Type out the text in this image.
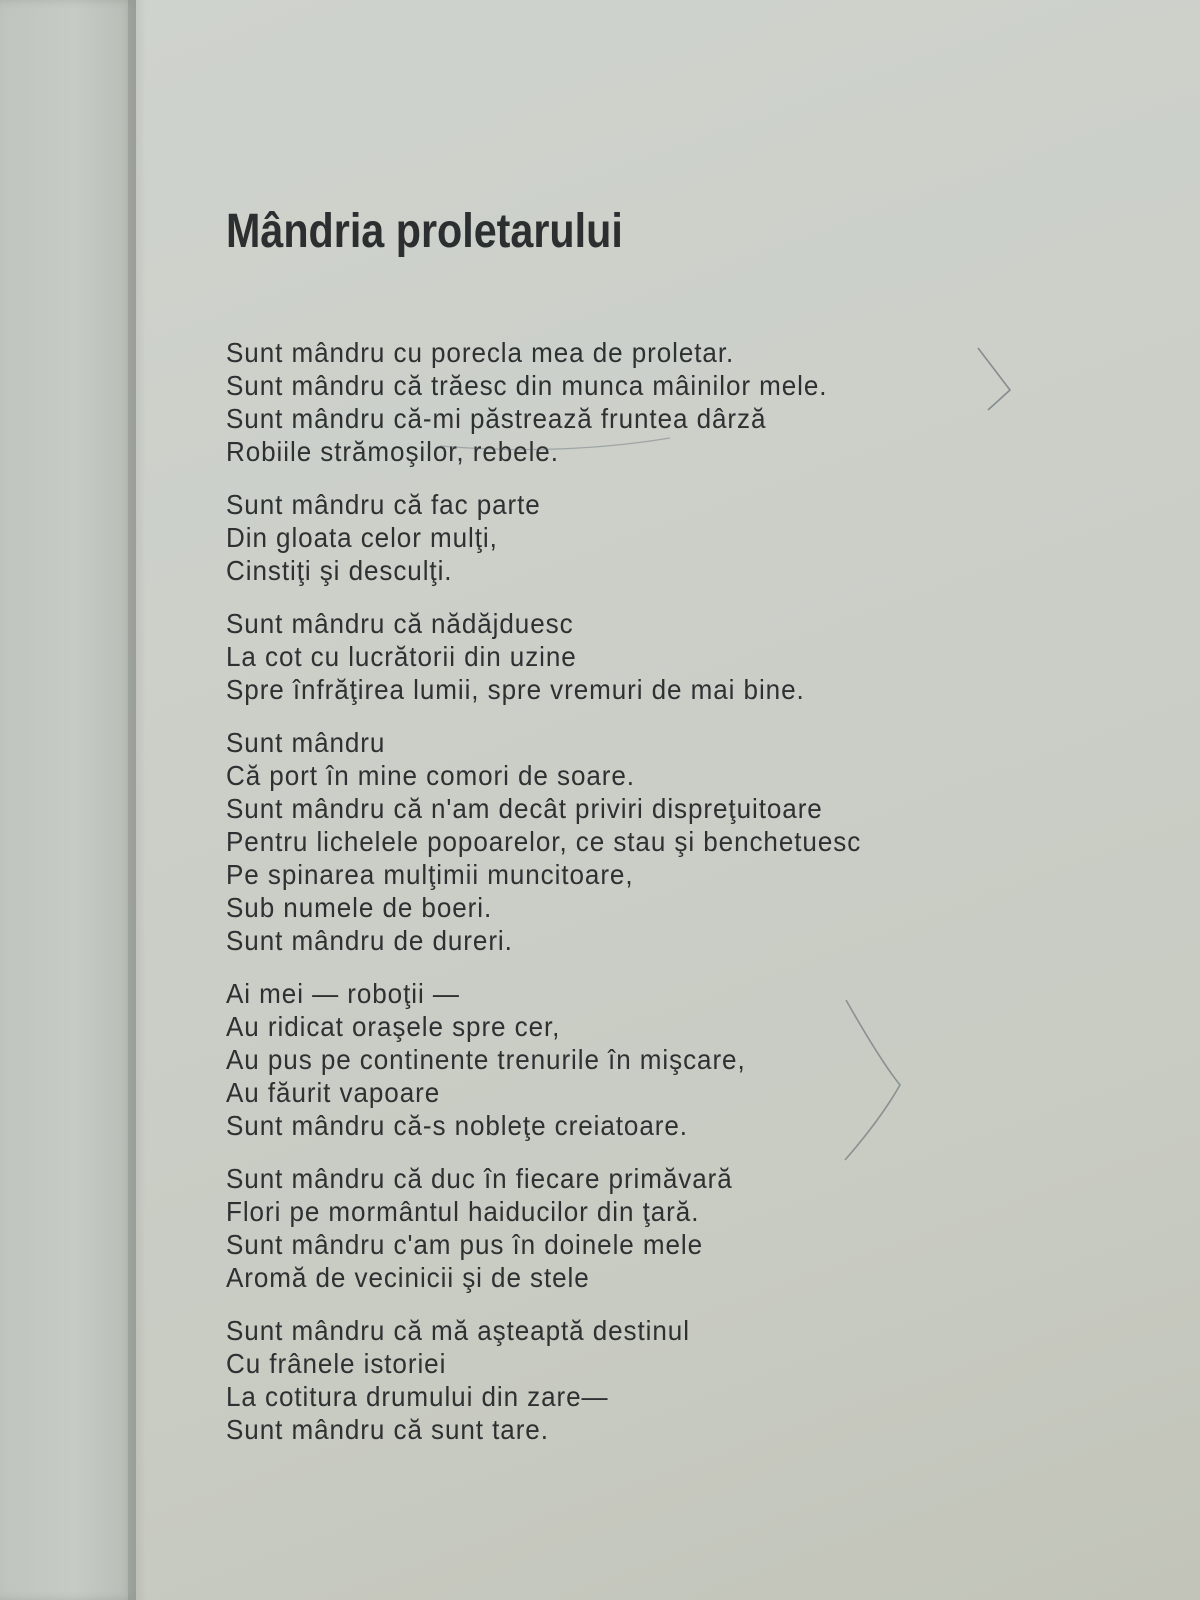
Mândria proletarului
Sunt mândru cu porecla mea de proletar.
Sunt mândru că trăesc din munca mâinilor mele.
Sunt mândru că-mi păstrează fruntea dârză
Robiile strămoşilor, rebele.
Sunt mândru că fac parte
Din gloata celor mulţi,
Cinstiţi şi desculţi.
Sunt mândru că nădăjduesc
La cot cu lucrătorii din uzine
Spre înfrăţirea lumii, spre vremuri de mai bine.
Sunt mândru
Că port în mine comori de soare.
Sunt mândru că n'am decât priviri dispreţuitoare
Pentru lichelele popoarelor, ce stau şi benchetuesc
Pe spinarea mulţimii muncitoare,
Sub numele de boeri.
Sunt mândru de dureri.
Ai mei — roboţii —
Au ridicat oraşele spre cer,
Au pus pe continente trenurile în mişcare,
Au făurit vapoare
Sunt mândru că-s nobleţe creiatoare.
Sunt mândru că duc în fiecare primăvară
Flori pe mormântul haiducilor din ţară.
Sunt mândru c'am pus în doinele mele
Aromă de vecinicii şi de stele
Sunt mândru că mă aşteaptă destinul
Cu frânele istoriei
La cotitura drumului din zare—
Sunt mândru că sunt tare.
